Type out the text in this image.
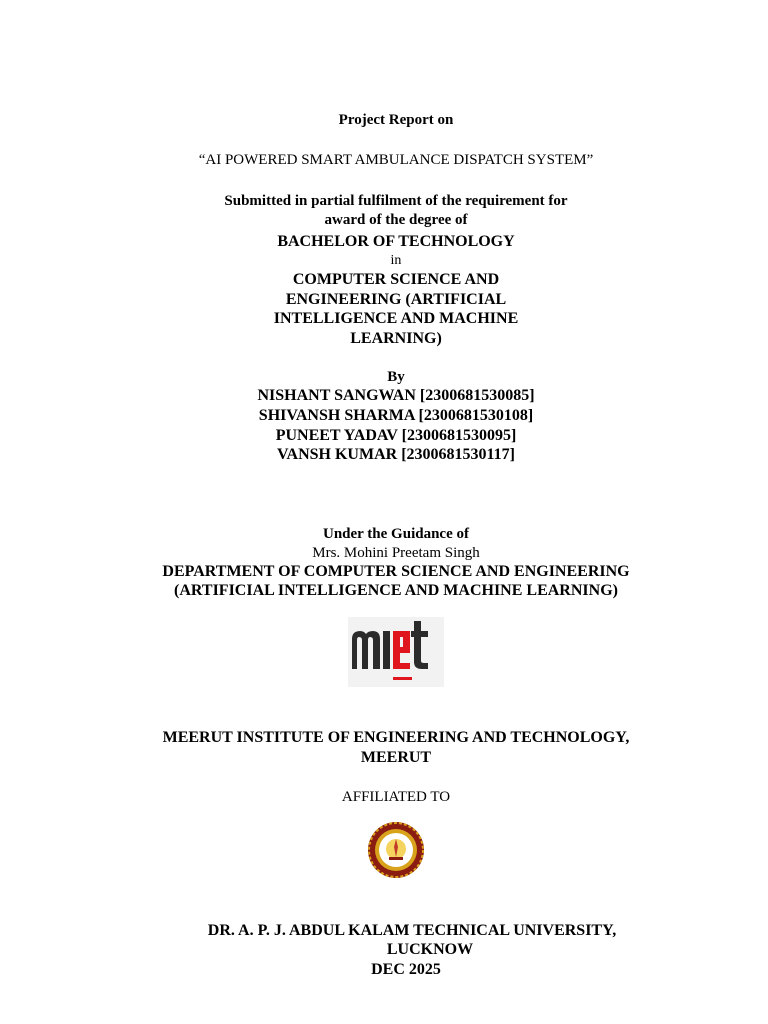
Project Report on
“AI POWERED SMART AMBULANCE DISPATCH SYSTEM”
Submitted in partial fulfilment of the requirement for
award of the degree of
BACHELOR OF TECHNOLOGY
in
COMPUTER SCIENCE AND
ENGINEERING (ARTIFICIAL
INTELLIGENCE AND MACHINE
LEARNING)
By
NISHANT SANGWAN [2300681530085]
SHIVANSH SHARMA [2300681530108]
PUNEET YADAV [2300681530095]
VANSH KUMAR [2300681530117]
Under the Guidance of
Mrs. Mohini Preetam Singh
DEPARTMENT OF COMPUTER SCIENCE AND ENGINEERING
(ARTIFICIAL INTELLIGENCE AND MACHINE LEARNING)
MEERUT INSTITUTE OF ENGINEERING AND TECHNOLOGY,
MEERUT
AFFILIATED TO
DR. A. P. J. ABDUL KALAM TECHNICAL UNIVERSITY,
LUCKNOW
DEC 2025
